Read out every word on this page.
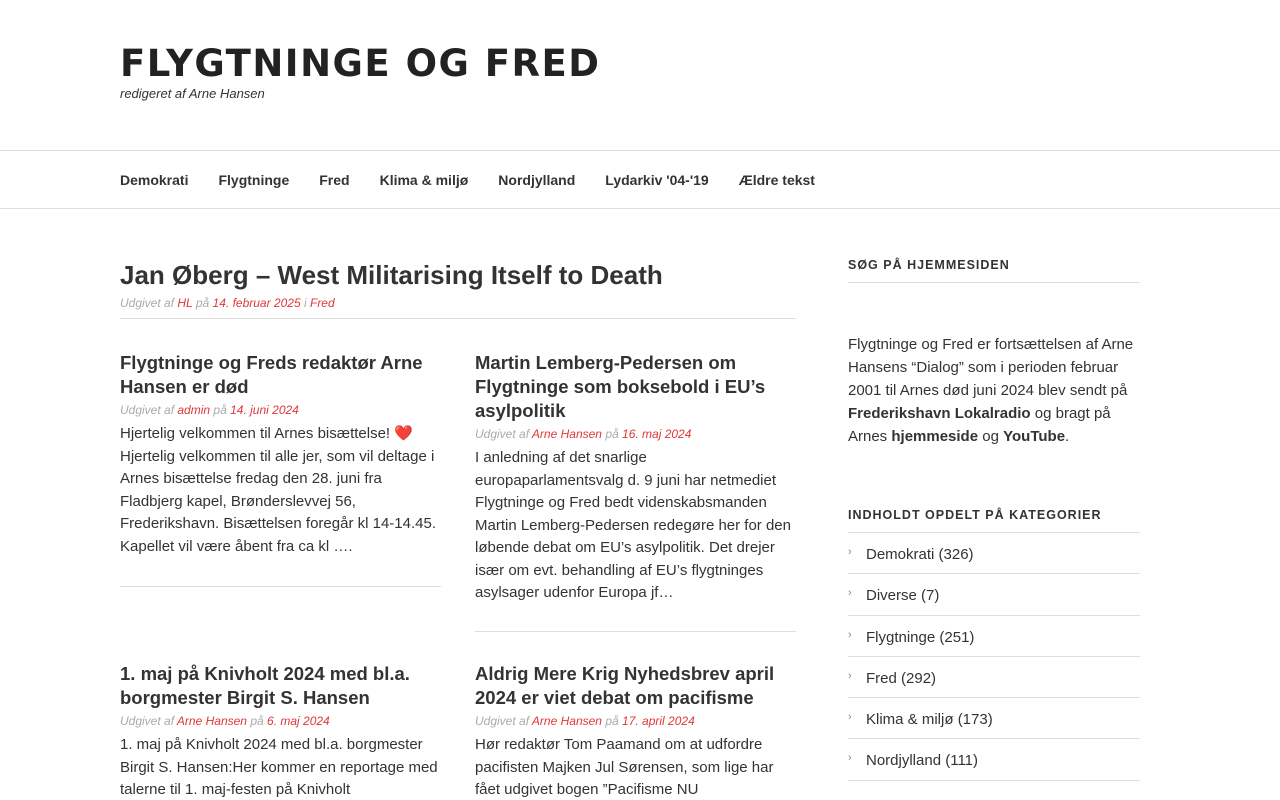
FLYGTNINGE OG FRED
redigeret af Arne Hansen
Demokrati Flygtninge Fred Klima & miljø Nordjylland Lydarkiv '04-'19 Ældre tekst
Jan Øberg – West Militarising Itself to Death
Udgivet af HL på 14. februar 2025 i Fred
Flygtninge og Freds redaktør Arne Hansen er død
Udgivet af admin på 14. juni 2024

Hjertelig velkommen til Arnes bisættelse! ❤️ Hjertelig velkommen til alle jer, som vil deltage i Arnes bisættelse fredag den 28. juni fra Fladbjerg kapel, Brønderslevvej 56, Frederikshavn. Bisættelsen foregår kl 14-14.45. Kapellet vil være åbent fra ca kl ….

Martin Lemberg-Pedersen om Flygtninge som boksebold i EU’s asylpolitik
Udgivet af Arne Hansen på 16. maj 2024

I anledning af det snarlige europaparlamentsvalg d. 9 juni har netmediet Flygtninge og Fred bedt videnskabsmanden Martin Lemberg-Pedersen redegøre her for den løbende debat om EU’s asylpolitik. Det drejer især om evt. behandling af EU’s flygtninges asylsager udenfor Europa jf…

1. maj på Knivholt 2024 med bl.a. borgmester Birgit S. Hansen
Udgivet af Arne Hansen på 6. maj 2024

1. maj på Knivholt 2024 med bl.a. borgmester Birgit S. Hansen:Her kommer en reportage med talerne til 1. maj-festen på Knivholt

Aldrig Mere Krig Nyhedsbrev april 2024 er viet debat om pacifisme
Udgivet af Arne Hansen på 17. april 2024

Hør redaktør Tom Paamand om at udfordre pacifisten Majken Jul Sørensen, som lige har fået udgivet bogen ”Pacifisme NU

SØG PÅ HJEMMESIDEN

Flygtninge og Fred er fortsættelsen af Arne Hansens “Dialog” som i perioden februar 2001 til Arnes død juni 2024 blev sendt på Frederikshavn Lokalradio og bragt på Arnes hjemmeside og YouTube.

INDHOLDT OPDELT PÅ KATEGORIER
› Demokrati (326)
› Diverse (7)
› Flygtninge (251)
› Fred (292)
› Klima & miljø (173)
› Nordjylland (111)
